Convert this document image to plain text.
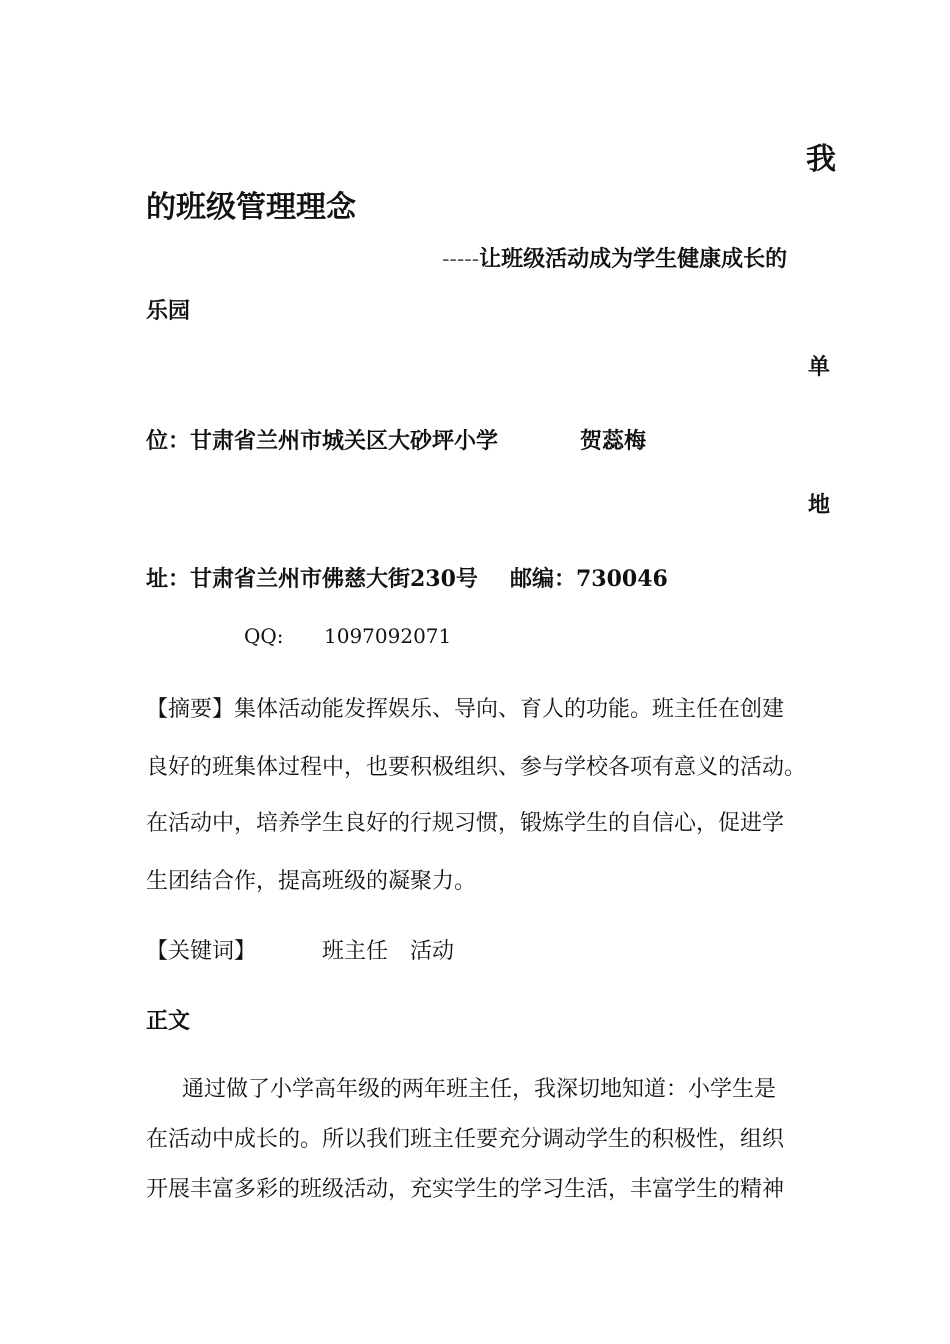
我
的班级管理理念
-----让班级活动成为学生健康成长的
乐园
单
位：甘肃省兰州市城关区大砂坪小学	贺蕊梅
地
址：甘肃省兰州市佛慈大街230号 邮编：730046
QQ: 1097092071
【摘要】集体活动能发挥娱乐、导向、育人的功能。班主任在创建
良好的班集体过程中，也要积极组织、参与学校各项有意义的活动。
在活动中，培养学生良好的行规习惯，锻炼学生的自信心，促进学
生团结合作，提高班级的凝聚力。
【关键词】	班主任　活动
正文
通过做了小学高年级的两年班主任，我深切地知道：小学生是
在活动中成长的。所以我们班主任要充分调动学生的积极性，组织
开展丰富多彩的班级活动，充实学生的学习生活，丰富学生的精神
